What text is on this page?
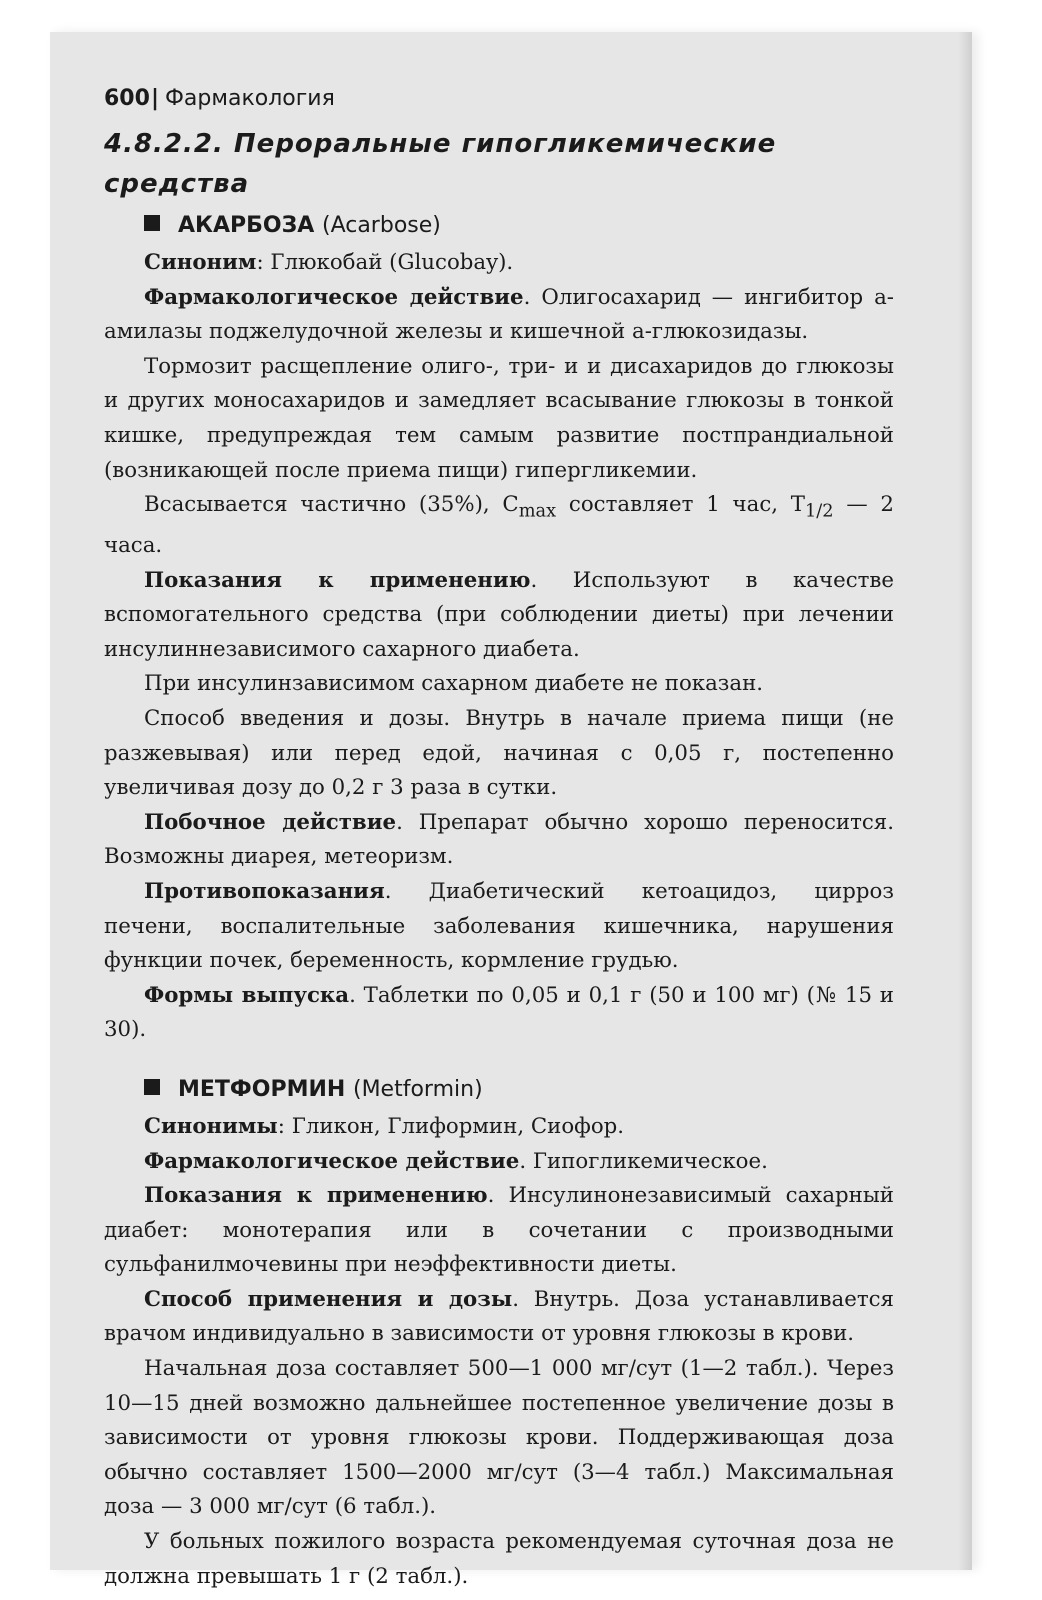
600| Фармакология
4.8.2.2. Пероральные гипогликемические средства
АКАРБОЗА ( Acarbose )

Синоним: Глюкобай (Glucobay).

Фармакологическое действие. Олигосахарид — ингибитор а-амилазы поджелудочной железы и кишечной а-глюкозидазы.

Тормозит расщепление олиго-, три- и и дисахаридов до глюкозы и других моносахаридов и замедляет всасывание глюкозы в тонкой кишке, предупреждая тем самым развитие постпрандиальной (возникающей после приема пищи) гипергликемии.

Всасывается частично (35%), $С_{max}$ составляет 1 час, $Т_{1/2}$ — 2 часа.

Показания к применению. Используют в качестве вспомогательного средства (при соблюдении диеты) при лечении инсулиннезависимого сахарного диабета.

При инсулинзависимом сахарном диабете не показан.

Способ введения и дозы. Внутрь в начале приема пищи (не разжевывая) или перед едой, начиная с 0,05 г, постепенно увеличивая дозу до 0,2 г 3 раза в сутки.

Побочное действие. Препарат обычно хорошо переносится. Возможны диарея, метеоризм.

Противопоказания. Диабетический кетоацидоз, цирроз печени, воспалительные заболевания кишечника, нарушения функции почек, беременность, кормление грудью.

Формы выпуска. Таблетки по 0,05 и 0,1 г (50 и 100 мг) (№ 15 и 30).

МЕТФОРМИН ( Metformin )

Синонимы: Гликон, Глиформин, Сиофор.

Фармакологическое действие. Гипогликемическое.

Показания к применению. Инсулинонезависимый сахарный диабет: монотерапия или в сочетании с производными сульфанилмочевины при неэффективности диеты.

Способ применения и дозы. Внутрь. Доза устанавливается врачом индивидуально в зависимости от уровня глюкозы в крови.

Начальная доза составляет 500—1 000 мг/сут (1—2 табл.). Через 10—15 дней возможно дальнейшее постепенное увеличение дозы в зависимости от уровня глюкозы крови. Поддерживающая доза обычно составляет 1500—2000 мг/сут (3—4 табл.) Максимальная доза — 3 000 мг/сут (6 табл.).

У больных пожилого возраста рекомендуемая суточная доза не должна превышать 1 г (2 табл.).
